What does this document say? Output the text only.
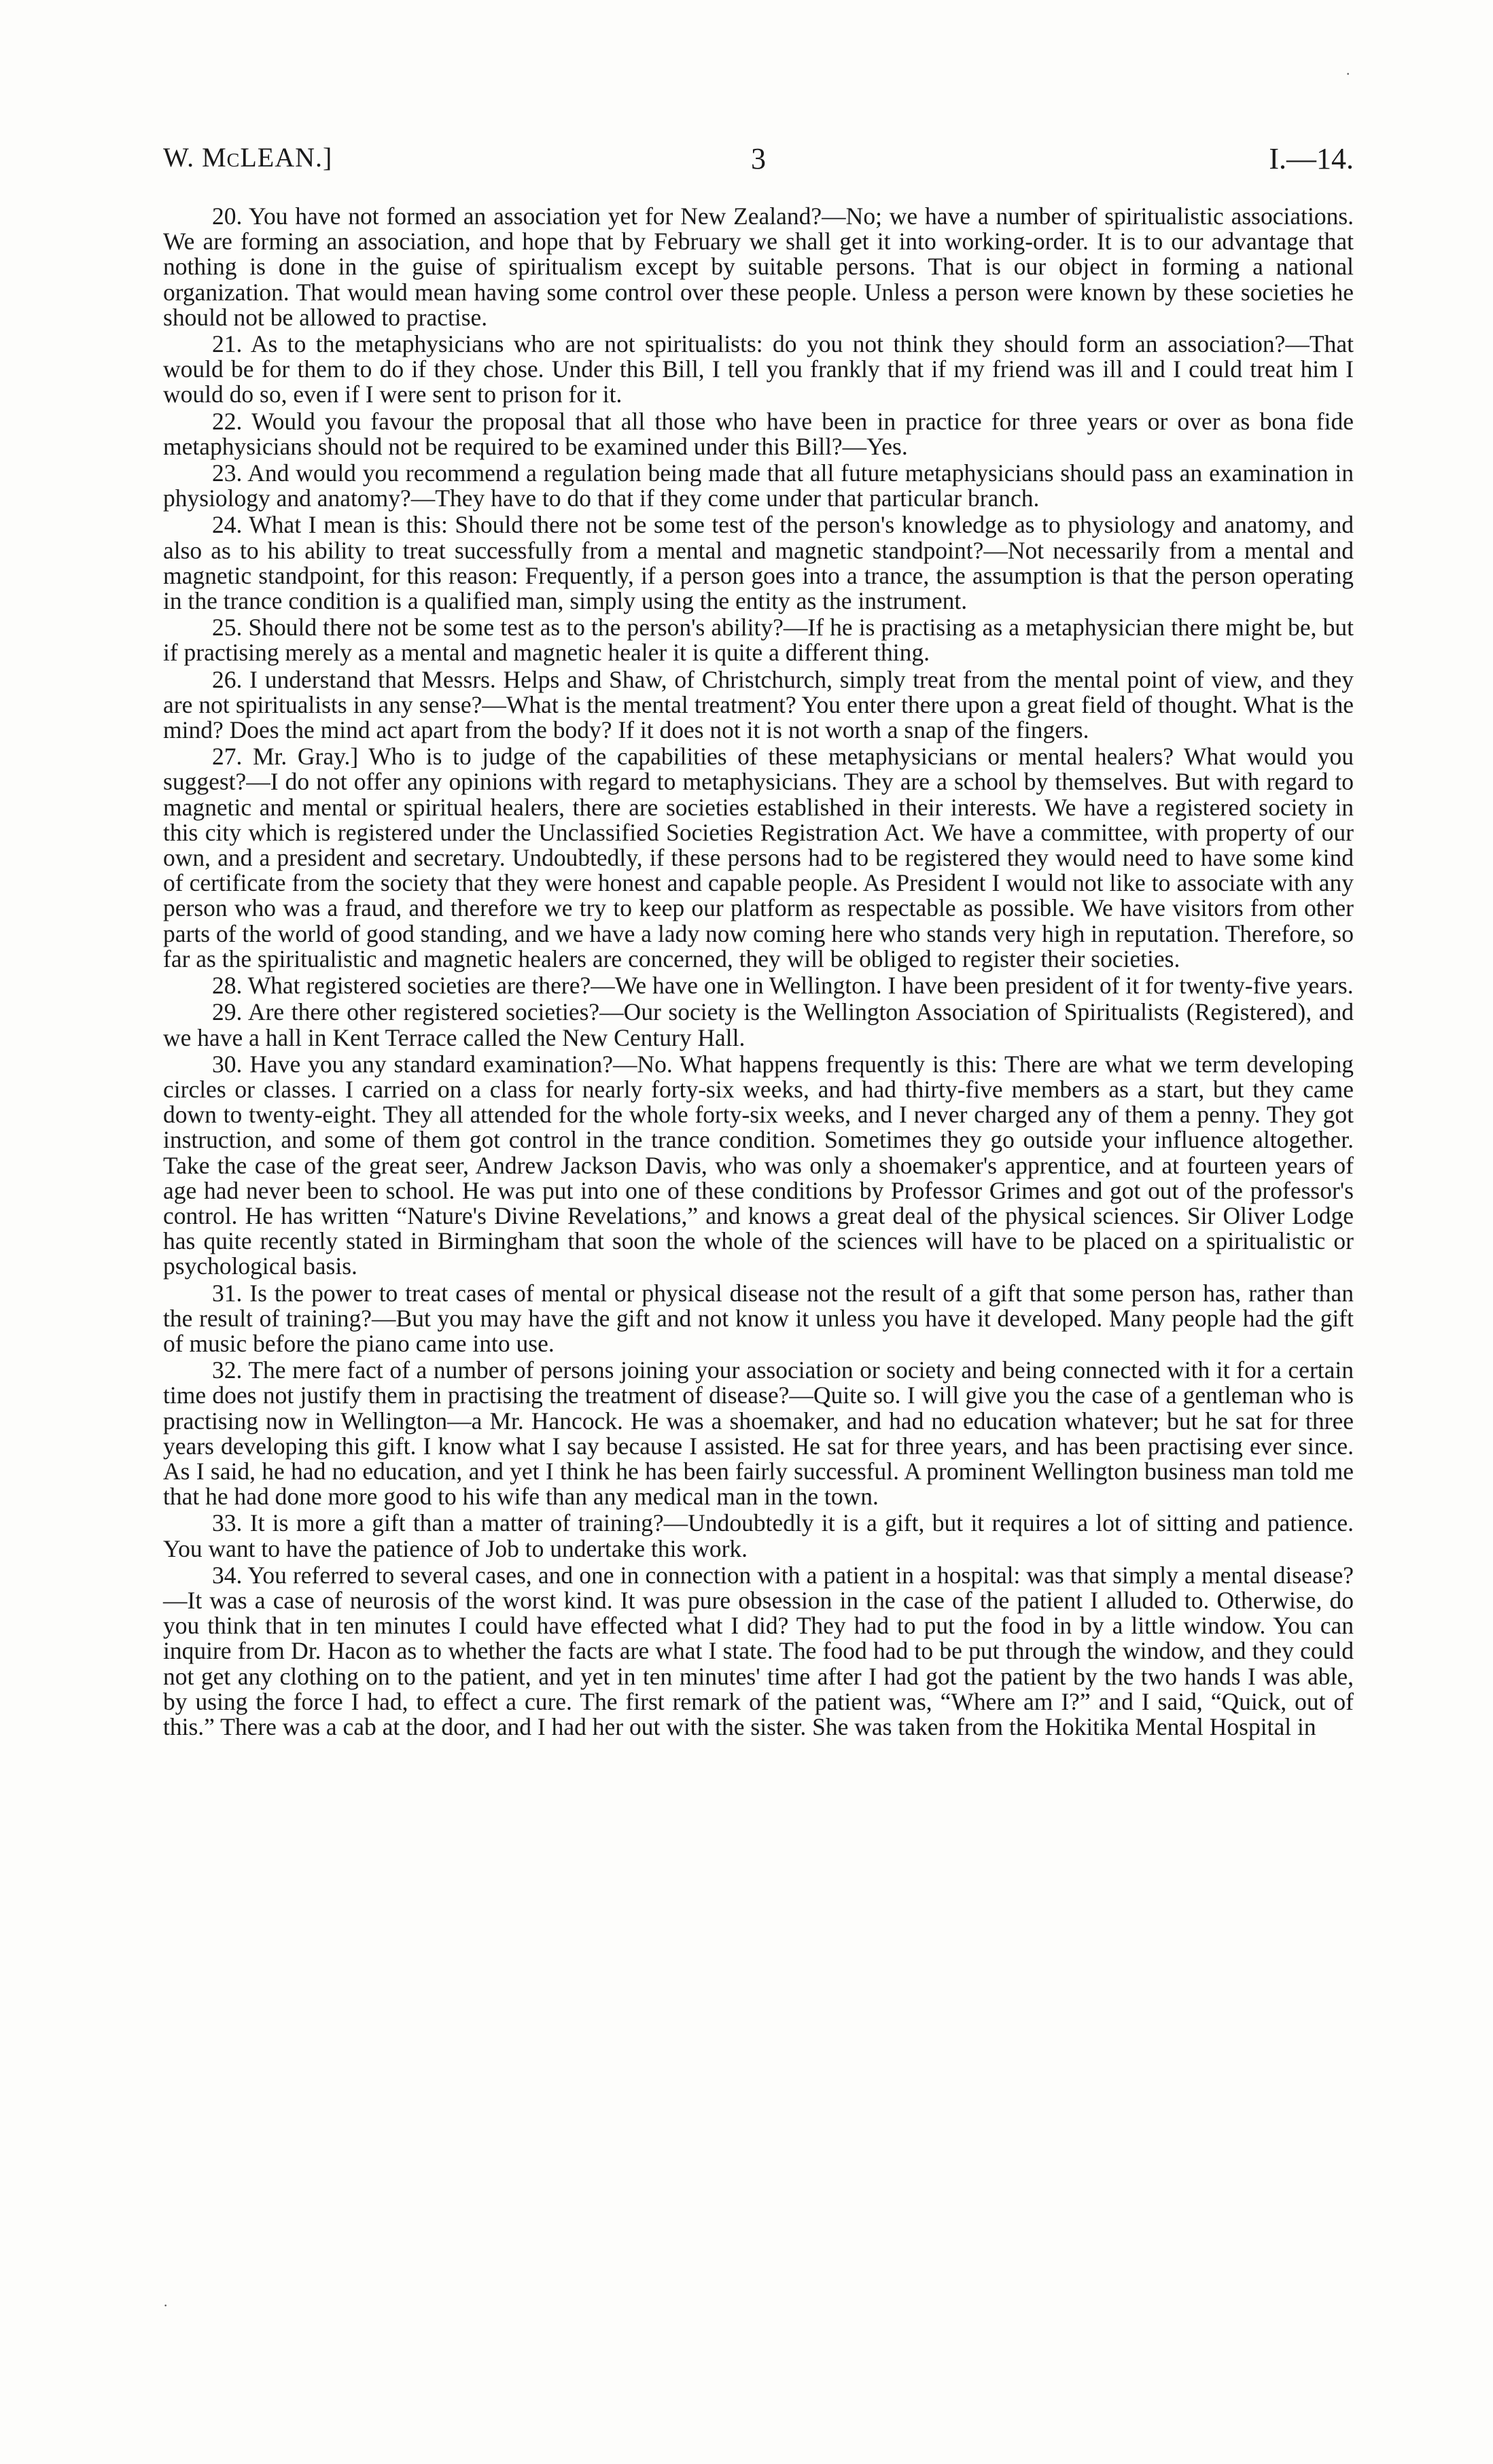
W. McLEAN.]	3	I.—14.

20. You have not formed an association yet for New Zealand?—No; we have a number of spiritualistic associations. We are forming an association, and hope that by February we shall get it into working-order. It is to our advantage that nothing is done in the guise of spiritualism except by suitable persons. That is our object in forming a national organization. That would mean having some control over these people. Unless a person were known by these societies he should not be allowed to practise.

21. As to the metaphysicians who are not spiritualists: do you not think they should form an association?—That would be for them to do if they chose. Under this Bill, I tell you frankly that if my friend was ill and I could treat him I would do so, even if I were sent to prison for it.

22. Would you favour the proposal that all those who have been in practice for three years or over as bona fide metaphysicians should not be required to be examined under this Bill?—Yes.

23. And would you recommend a regulation being made that all future metaphysicians should pass an examination in physiology and anatomy?—They have to do that if they come under that particular branch.

24. What I mean is this: Should there not be some test of the person's knowledge as to physiology and anatomy, and also as to his ability to treat successfully from a mental and magnetic standpoint?—Not necessarily from a mental and magnetic standpoint, for this reason: Frequently, if a person goes into a trance, the assumption is that the person operating in the trance condition is a qualified man, simply using the entity as the instrument.

25. Should there not be some test as to the person's ability?—If he is practising as a metaphysician there might be, but if practising merely as a mental and magnetic healer it is quite a different thing.

26. I understand that Messrs. Helps and Shaw, of Christchurch, simply treat from the mental point of view, and they are not spiritualists in any sense?—What is the mental treatment? You enter there upon a great field of thought. What is the mind? Does the mind act apart from the body? If it does not it is not worth a snap of the fingers.

27. Mr. Gray.] Who is to judge of the capabilities of these metaphysicians or mental healers? What would you suggest?—I do not offer any opinions with regard to metaphysicians. They are a school by themselves. But with regard to magnetic and mental or spiritual healers, there are societies established in their interests. We have a registered society in this city which is registered under the Unclassified Societies Registration Act. We have a committee, with property of our own, and a president and secretary. Undoubtedly, if these persons had to be registered they would need to have some kind of certificate from the society that they were honest and capable people. As President I would not like to associate with any person who was a fraud, and therefore we try to keep our platform as respectable as possible. We have visitors from other parts of the world of good standing, and we have a lady now coming here who stands very high in reputation. Therefore, so far as the spiritualistic and magnetic healers are concerned, they will be obliged to register their societies.

28. What registered societies are there?—We have one in Wellington. I have been president of it for twenty-five years.

29. Are there other registered societies?—Our society is the Wellington Association of Spiritualists (Registered), and we have a hall in Kent Terrace called the New Century Hall.

30. Have you any standard examination?—No. What happens frequently is this: There are what we term developing circles or classes. I carried on a class for nearly forty-six weeks, and had thirty-five members as a start, but they came down to twenty-eight. They all attended for the whole forty-six weeks, and I never charged any of them a penny. They got instruction, and some of them got control in the trance condition. Sometimes they go outside your influence altogether. Take the case of the great seer, Andrew Jackson Davis, who was only a shoemaker's apprentice, and at fourteen years of age had never been to school. He was put into one of these conditions by Professor Grimes and got out of the professor's control. He has written “Nature's Divine Revelations,” and knows a great deal of the physical sciences. Sir Oliver Lodge has quite recently stated in Birmingham that soon the whole of the sciences will have to be placed on a spiritualistic or psychological basis.

31. Is the power to treat cases of mental or physical disease not the result of a gift that some person has, rather than the result of training?—But you may have the gift and not know it unless you have it developed. Many people had the gift of music before the piano came into use.

32. The mere fact of a number of persons joining your association or society and being connected with it for a certain time does not justify them in practising the treatment of disease?—Quite so. I will give you the case of a gentleman who is practising now in Wellington—a Mr. Hancock. He was a shoemaker, and had no education whatever; but he sat for three years developing this gift. I know what I say because I assisted. He sat for three years, and has been practising ever since. As I said, he had no education, and yet I think he has been fairly successful. A prominent Wellington business man told me that he had done more good to his wife than any medical man in the town.

33. It is more a gift than a matter of training?—Undoubtedly it is a gift, but it requires a lot of sitting and patience. You want to have the patience of Job to undertake this work.

34. You referred to several cases, and one in connection with a patient in a hospital: was that simply a mental disease?—It was a case of neurosis of the worst kind. It was pure obsession in the case of the patient I alluded to. Otherwise, do you think that in ten minutes I could have effected what I did? They had to put the food in by a little window. You can inquire from Dr. Hacon as to whether the facts are what I state. The food had to be put through the window, and they could not get any clothing on to the patient, and yet in ten minutes' time after I had got the patient by the two hands I was able, by using the force I had, to effect a cure. The first remark of the patient was, “Where am I?” and I said, “Quick, out of this.” There was a cab at the door, and I had her out with the sister. She was taken from the Hokitika Mental Hospital in

·
·
